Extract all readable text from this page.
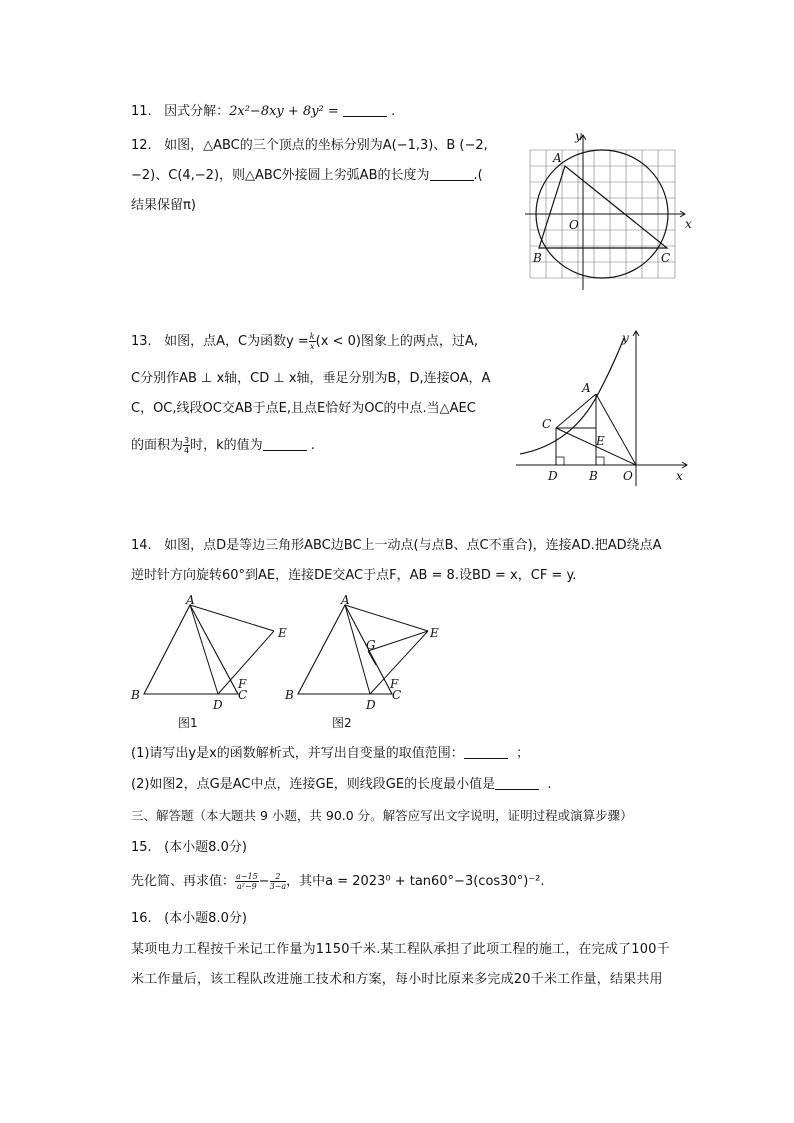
11. 因式分解：2x²−8xy + 8y² =	.
12. 如图，△ABC的三个顶点的坐标分别为A(−1,3)、B (−2,
−2)、C(4,−2)，则△ABC外接圆上劣弧AB的长度为	.(
结果保留π)
A
B	C
O	x
y
13. 如图，点A，C为函数$y = \frac{k}{x} (x < 0)$图象上的两点，过A,
C分别作AB ⊥ x轴，CD ⊥ x轴，垂足分别为B，D,连接OA，A
C，OC,线段OC交AB于点E,且点E恰好为OC的中点.当△AEC
的面积为 $\frac{3}{4}$ 时，k的值为	.
y
A
C
E
D	B O	x
14. 如图，点D是等边三角形ABC边BC上一动点(与点B、点C不重合)，连接AD.把AD绕点A
逆时针方向旋转60°到AE，连接DE交AC于点F，AB = 8.设BD = x，CF = y.
A
B	C
D
E
F
图1
A
B	C
D
E
F
G
图2
(1)请写出y是x的函数解析式，并写出自变量的取值范围：	；
(2)如图2，点G是AC中点，连接GE，则线段GE的长度最小值是	.
三、解答题（本大题共 9 小题，共 90.0 分。解答应写出文字说明，证明过程或演算步骤）
15. (本小题8.0分)
先化简、再求值： $\frac{a-15}{\text{a²−9}} - \frac{2}{3-a}$ ，其中a = 2023⁰ + tan60°−3(cos30°)⁻².
16. (本小题8.0分)
某项电力工程按千米记工作量为1150千米.某工程队承担了此项工程的施工，在完成了100千
米工作量后，该工程队改进施工技术和方案，每小时比原来多完成20千米工作量，结果共用
